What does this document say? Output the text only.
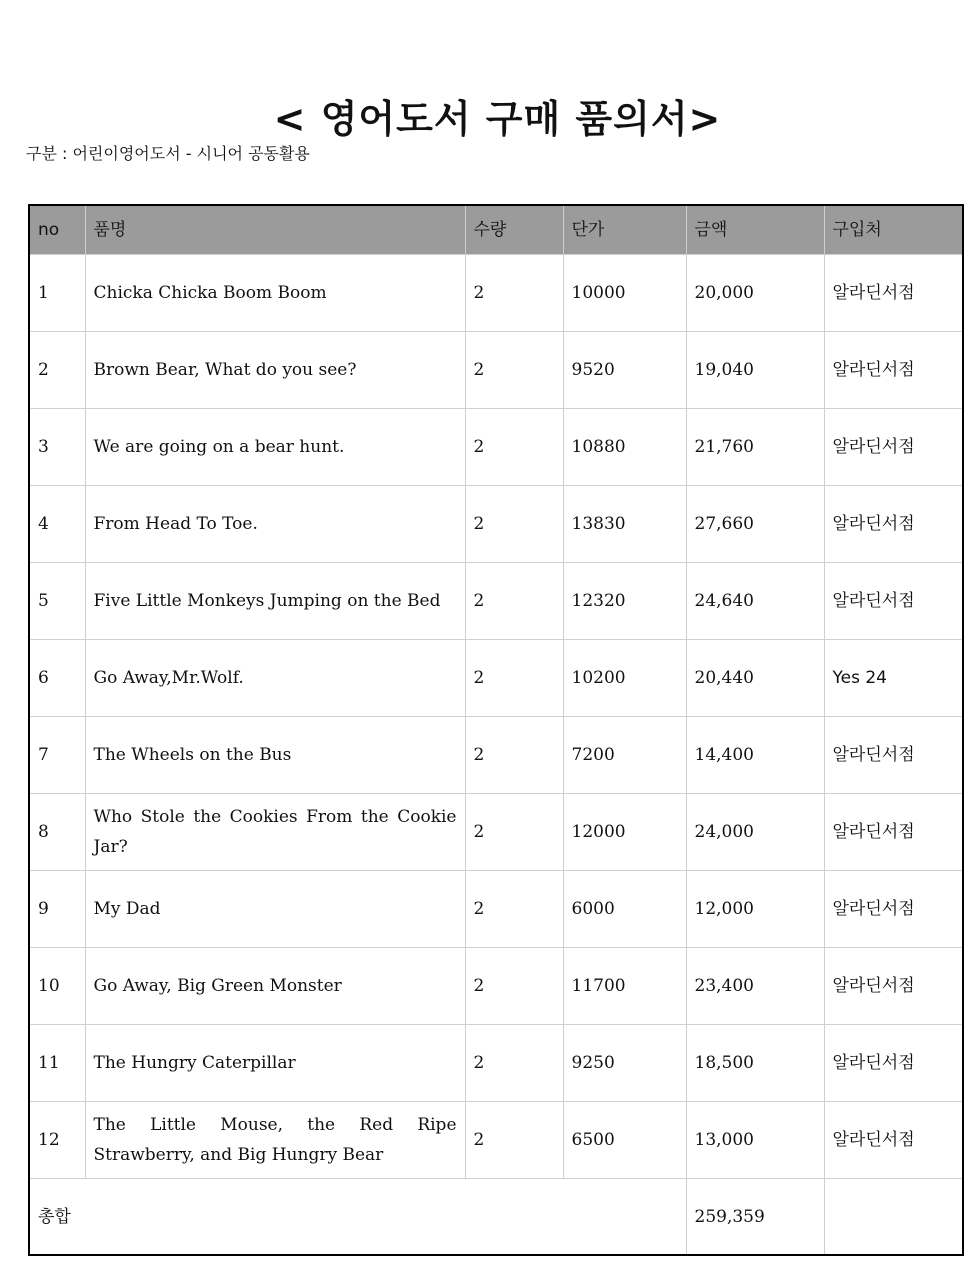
< 영어도서 구매 품의서>
구분 : 어린이영어도서 - 시니어 공동활용
no	품명	수량	단가	금액	구입처
1	Chicka Chicka Boom Boom	2	10000	20,000	알라딘서점
2	Brown Bear, What do you see?	2	9520	19,040	알라딘서점
3	We are going on a bear hunt.	2	10880	21,760	알라딘서점
4	From Head To Toe.	2	13830	27,660	알라딘서점
5	Five Little Monkeys Jumping on the Bed	2	12320	24,640	알라딘서점
6	Go Away,Mr.Wolf.	2	10200	20,440	Yes 24
7	The Wheels on the Bus	2	7200	14,400	알라딘서점
8	Who Stole the Cookies From the Cookie Jar?	2	12000	24,000	알라딘서점
9	My Dad	2	6000	12,000	알라딘서점
10	Go Away, Big Green Monster	2	11700	23,400	알라딘서점
11	The Hungry Caterpillar	2	9250	18,500	알라딘서점
12	The Little Mouse, the Red Ripe Strawberry, and Big Hungry Bear	2	6500	13,000	알라딘서점
총합				259,359	
